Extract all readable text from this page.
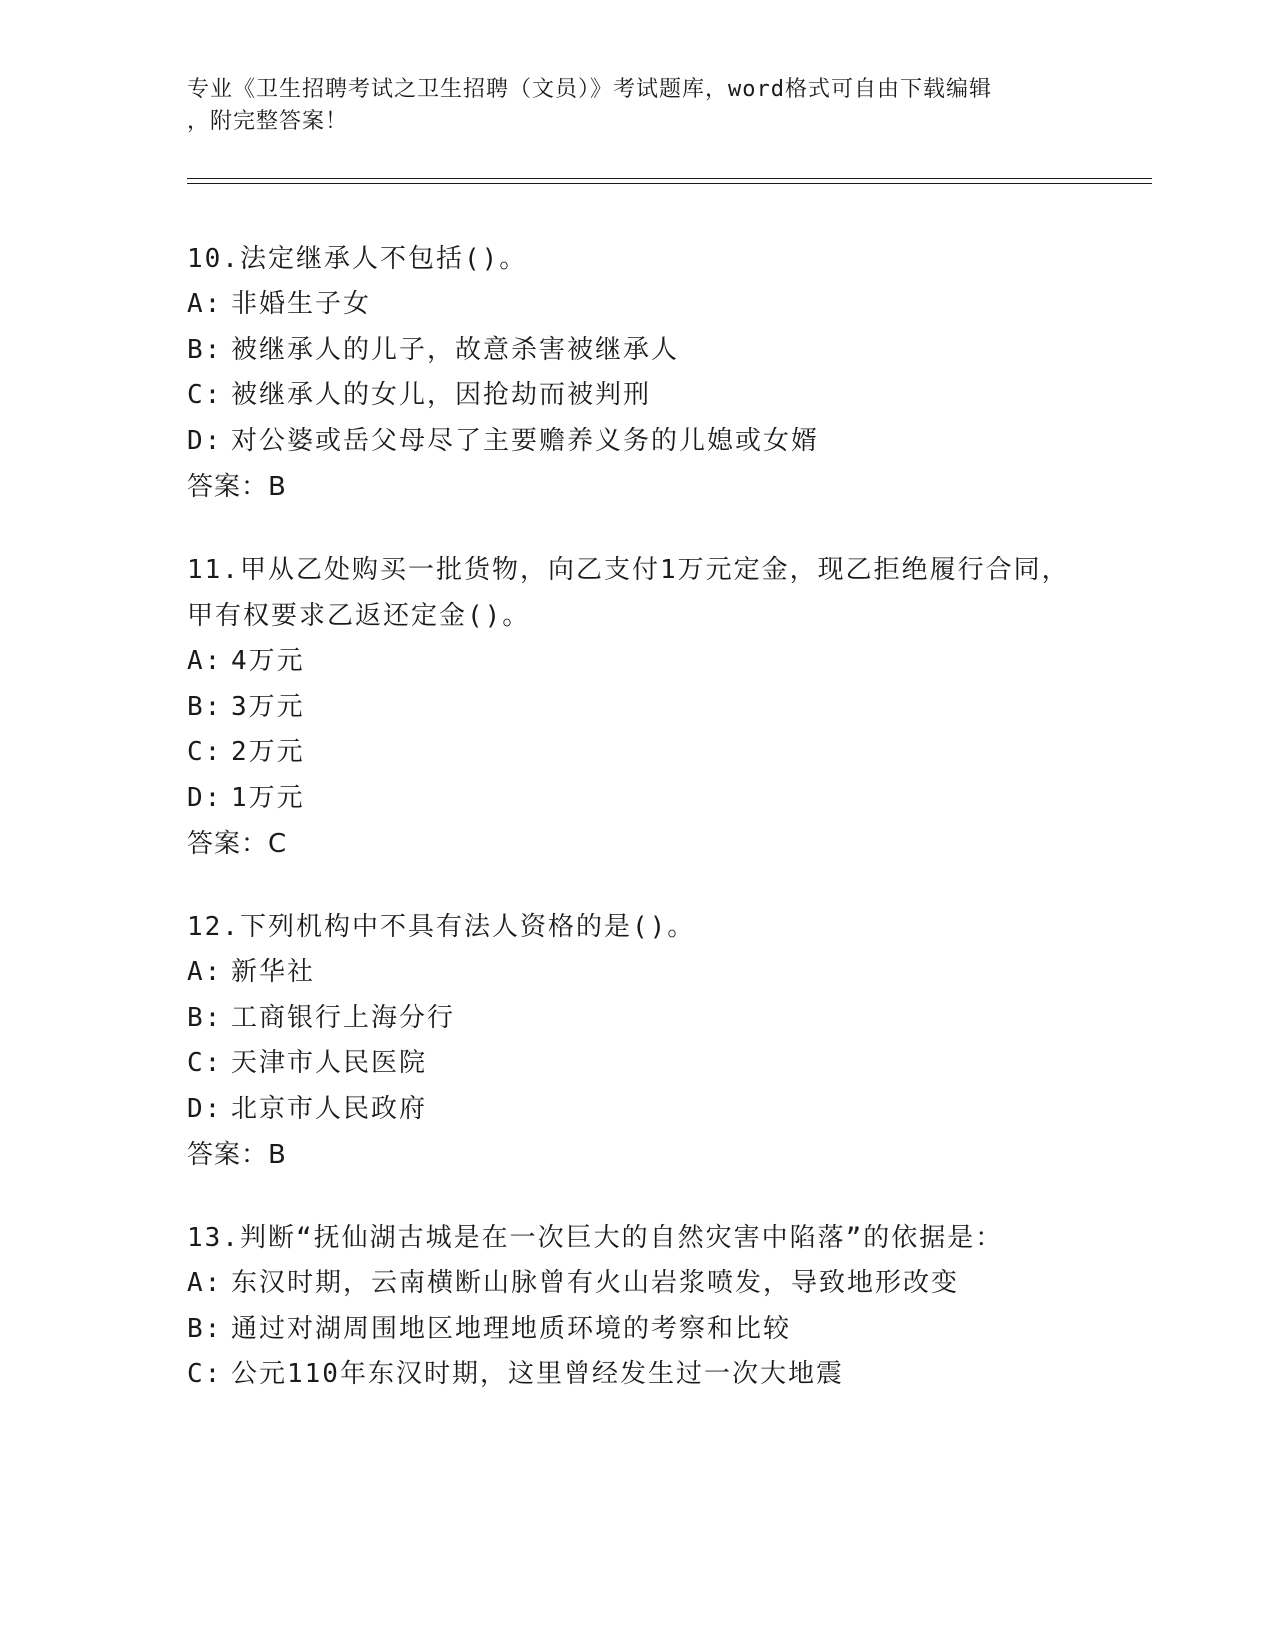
专业《卫生招聘考试之卫生招聘（文员）》考试题库，word格式可自由下载编辑
，附完整答案！

10.法定继承人不包括()。

A: 非婚生子女

B: 被继承人的儿子，故意杀害被继承人

C: 被继承人的女儿，因抢劫而被判刑

D: 对公婆或岳父母尽了主要赡养义务的儿媳或女婿

答案：B

11.甲从乙处购买一批货物，向乙支付1万元定金，现乙拒绝履行合同，甲有权要求乙返还定金()。

A: 4万元

B: 3万元

C: 2万元

D: 1万元

答案：C

12.下列机构中不具有法人资格的是()。

A: 新华社

B: 工商银行上海分行

C: 天津市人民医院

D: 北京市人民政府

答案：B

13.判断“抚仙湖古城是在一次巨大的自然灾害中陷落”的依据是：

A: 东汉时期，云南横断山脉曾有火山岩浆喷发，导致地形改变

B: 通过对湖周围地区地理地质环境的考察和比较

C: 公元110年东汉时期，这里曾经发生过一次大地震
